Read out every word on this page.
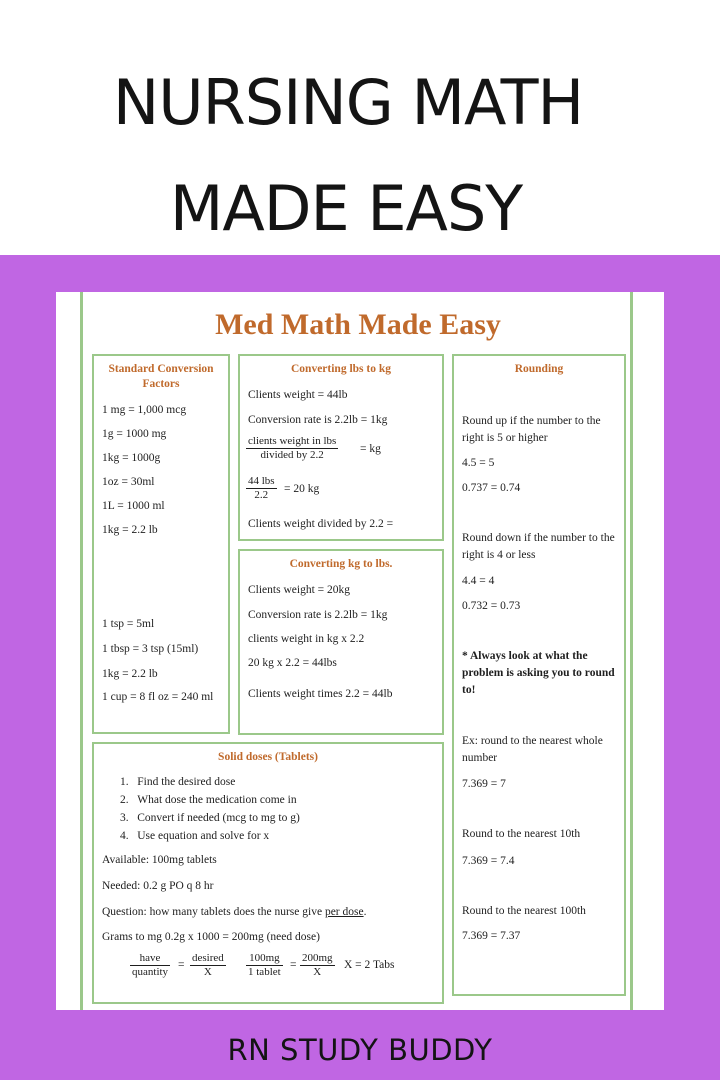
NURSING MATH
MADE EASY
Med Math Made Easy
Standard Conversion Factors
1 mg = 1,000 mcg
1g = 1000 mg
1kg = 1000g
1oz = 30ml
1L = 1000 ml
1kg = 2.2 lb
1 tsp = 5ml
1 tbsp = 3 tsp (15ml)
1kg = 2.2 lb
1 cup = 8 fl oz = 240 ml
Converting lbs to kg
Clients weight = 44lb
Conversion rate is 2.2lb = 1kg
clients weight in lbs
divided by 2.2	= kg
44 lbs
2.2	= 20 kg
Clients weight divided by 2.2 =
Converting kg to lbs.
Clients weight = 20kg
Conversion rate is 2.2lb = 1kg
clients weight in kg x 2.2
20 kg x 2.2 = 44lbs
Clients weight times 2.2 = 44lb
Rounding
Round up if the number to the right is 5 or higher
4.5 = 5
0.737 = 0.74
Round down if the number to the right is 4 or less
4.4 = 4
0.732 = 0.73
* Always look at what the problem is asking you to round to!
Ex: round to the nearest whole number
7.369 = 7
Round to the nearest 10th
7.369 = 7.4
Round to the nearest 100th
7.369 = 7.37
Solid doses (Tablets)
1.   Find the desired dose
2.   What dose the medication come in
3.   Convert if needed (mcg to mg to g)
4.   Use equation and solve for x
Available: 100mg tablets
Needed: 0.2 g PO q 8 hr
Question: how many tablets does the nurse give per dose.
Grams to mg 0.2g x 1000 = 200mg (need dose)
have
quantity
=
desired
X
100mg
1 tablet
= $\frac{200mg}{X}$ X = 2 Tabs
RN STUDY BUDDY
